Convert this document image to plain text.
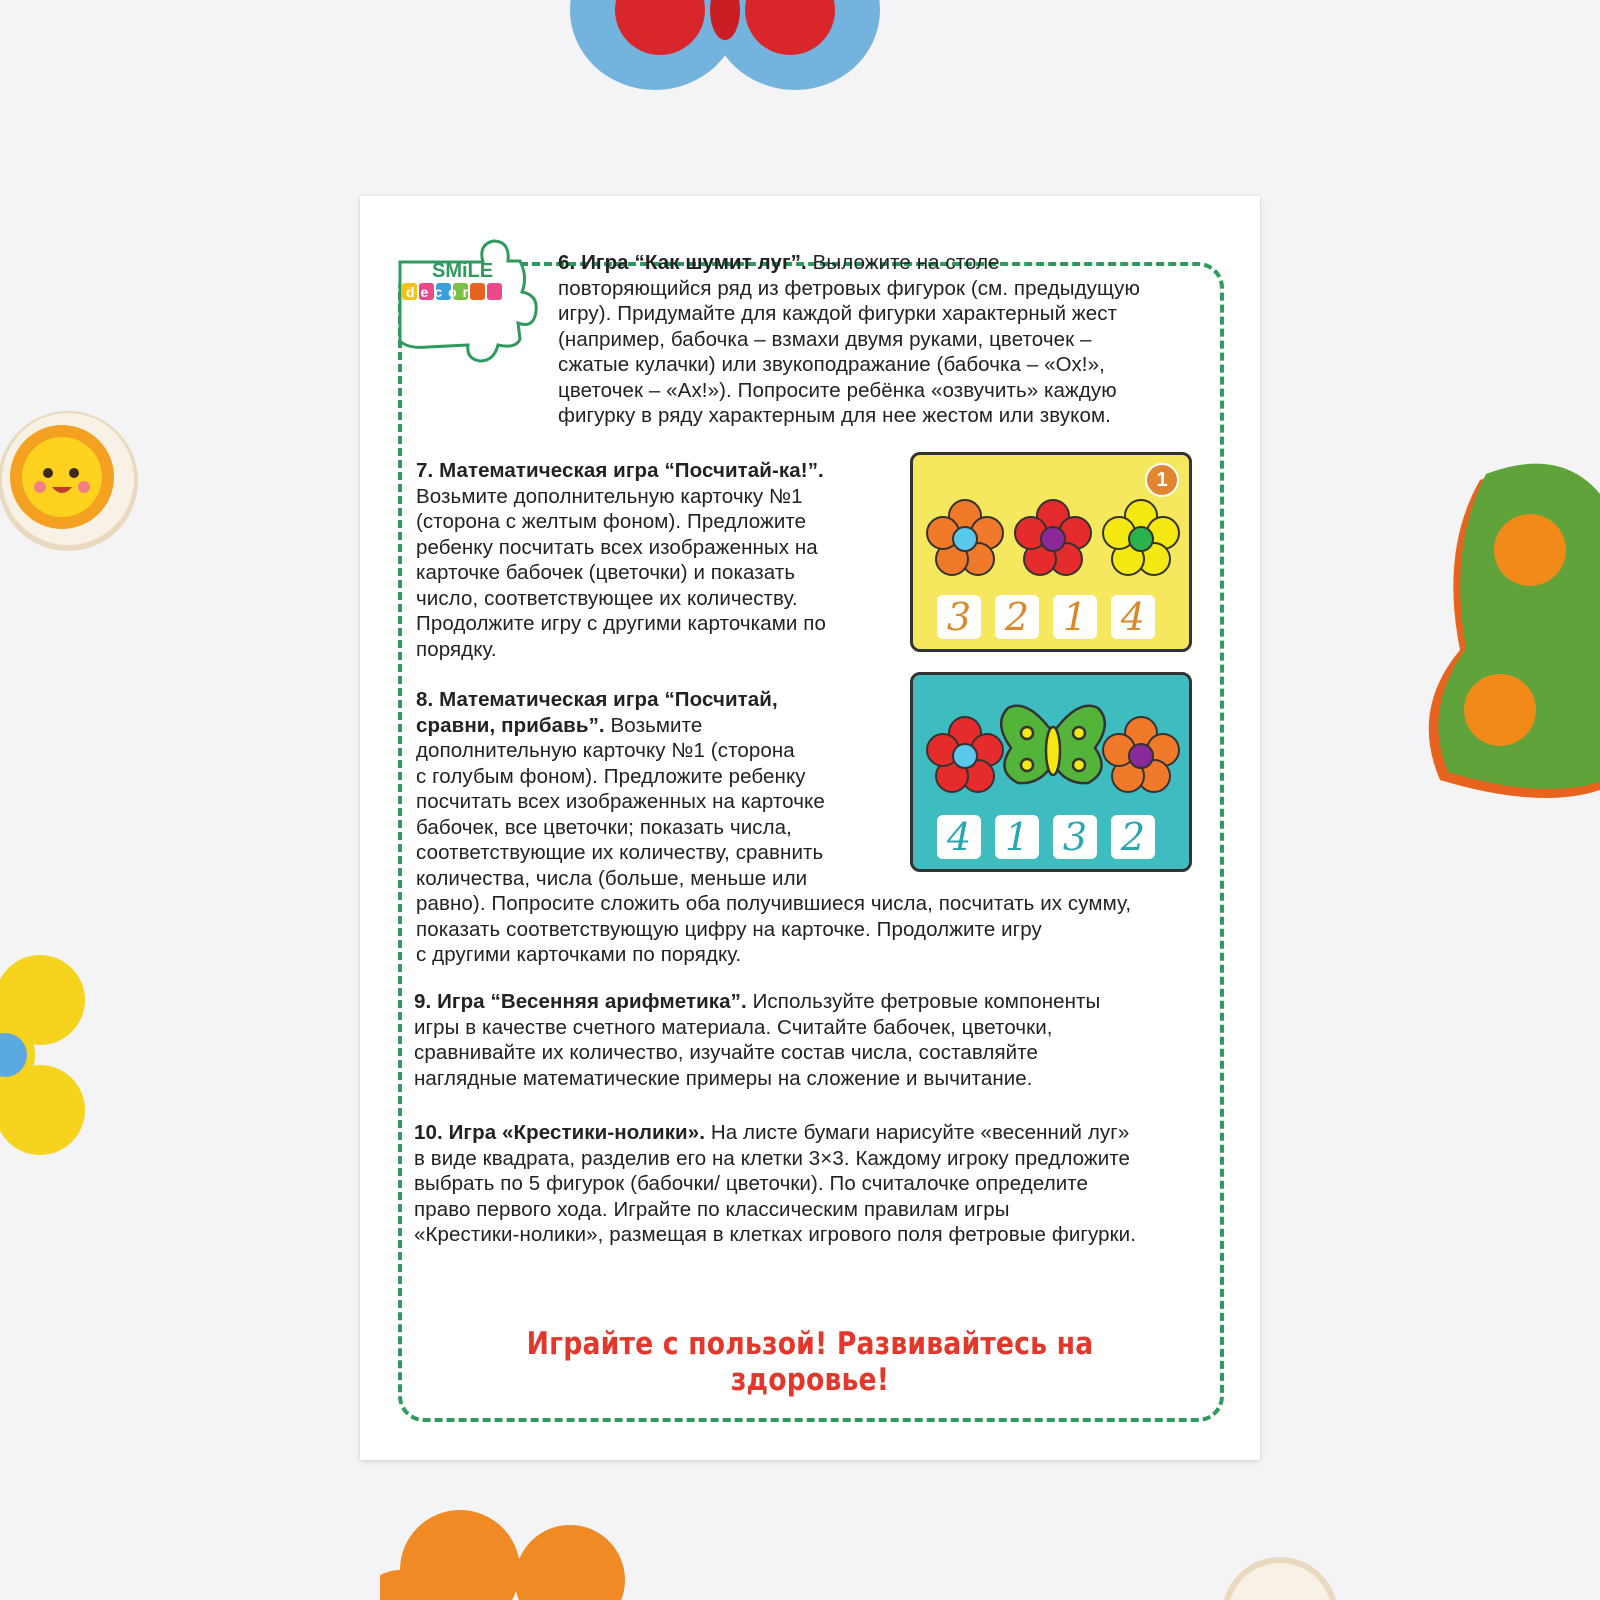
SMiLE
decor
6. Игра “Как шумит луг”. Выложите на столе
повторяющийся ряд из фетровых фигурок (см. предыдущую
игру). Придумайте для каждой фигурки характерный жест
(например, бабочка – взмахи двумя руками, цветочек –
сжатые кулачки) или звукоподражание (бабочка – «Ох!»,
цветочек – «Ах!»). Попросите ребёнка «озвучить» каждую
фигурку в ряду характерным для нее жестом или звуком.
7. Математическая игра “Посчитай-ка!”.
Возьмите дополнительную карточку №1
(сторона с желтым фоном). Предложите
ребенку посчитать всех изображенных на
карточке бабочек (цветочки) и показать
число, соответствующее их количеству.
Продолжите игру с другими карточками по
порядку.
1
3 2 1 4
8. Математическая игра “Посчитай,
сравни, прибавь”. Возьмите
дополнительную карточку №1 (сторона
с голубым фоном). Предложите ребенку
посчитать всех изображенных на карточке
бабочек, все цветочки; показать числа,
соответствующие их количеству, сравнить
количества, числа (больше, меньше или
равно). Попросите сложить оба получившиеся числа, посчитать их сумму,
показать соответствующую цифру на карточке. Продолжите игру
с другими карточками по порядку.
4 1 3 2
9. Игра “Весенняя арифметика”. Используйте фетровые компоненты
игры в качестве счетного материала. Считайте бабочек, цветочки,
сравнивайте их количество, изучайте состав числа, составляйте
наглядные математические примеры на сложение и вычитание.
10. Игра «Крестики-нолики». На листе бумаги нарисуйте «весенний луг»
в виде квадрата, разделив его на клетки 3×3. Каждому игроку предложите
выбрать по 5 фигурок (бабочки/ цветочки). По считалочке определите
право первого хода. Играйте по классическим правилам игры
«Крестики-нолики», размещая в клетках игрового поля фетровые фигурки.
Играйте с пользой! Развивайтесь на здоровье!
